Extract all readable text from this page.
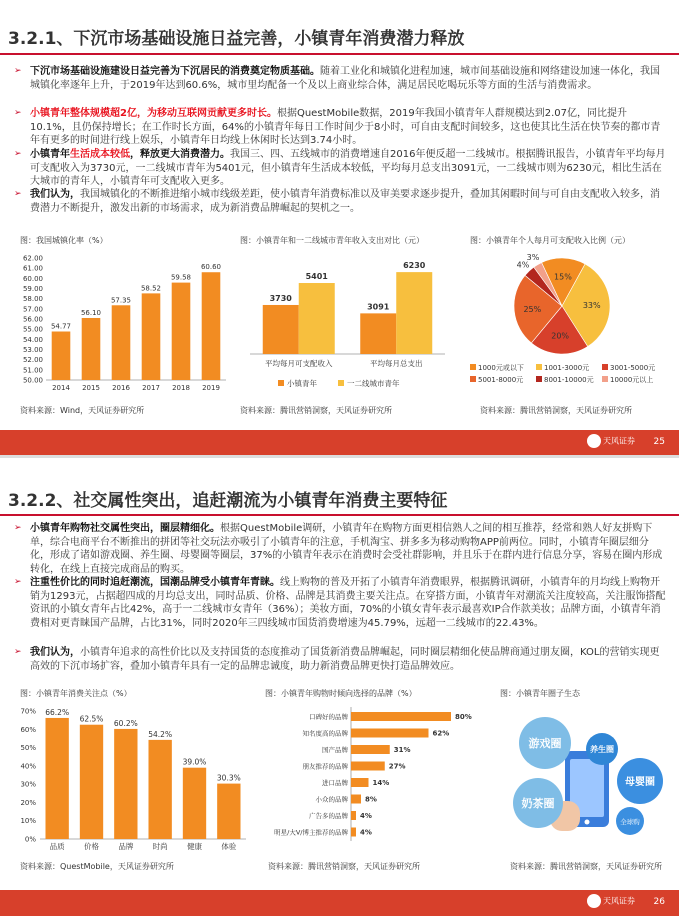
3.2.1、下沉市场基础设施日益完善，小镇青年消费潜力释放
➢ 下沉市场基础设施建设日益完善为下沉居民的消费奠定物质基础。随着工业化和城镇化进程加速，城市间基础设施和网络建设加速一体化，我国城镇化率逐年上升，于2019年达到60.6%，城市里均配备一个及以上商业综合体，满足居民吃喝玩乐等方面的生活与消费需求。
➢ 小镇青年整体规模超2亿，为移动互联网贡献更多时长。根据QuestMobile数据，2019年我国小镇青年人群规模达到2.07亿，同比提升10.1%，且仍保持增长；在工作时长方面，64%的小镇青年每日工作时间少于8小时，可自由支配时间较多，这也使其比生活在快节奏的都市青年有更多的时间进行线上娱乐，小镇青年日均线上休闲时长达到3.74小时。
➢ 小镇青年生活成本较低，释放更大消费潜力。我国三、四、五线城市的消费增速自2016年便反超一二线城市。根据腾讯报告，小镇青年平均每月可支配收入为3730元，一二线城市青年为5401元，但小镇青年生活成本较低，平均每月总支出3091元，一二线城市则为6230元，相比生活在大城市的青年人，小镇青年可支配收入更多。
➢ 我们认为，我国城镇化的不断推进缩小城市线级差距，使小镇青年消费标准以及审美要求逐步提升，叠加其闲暇时间与可自由支配收入较多，消费潜力不断提升，激发出新的市场需求，成为新消费品牌崛起的契机之一。
图：我国城镇化率（%）
50.00
51.00
52.00
53.00
54.00
55.00
56.00
57.00
58.00
59.00
60.00
61.00
62.00
54.77
2014
56.10
2015
57.35
2016
58.52
2017
59.58
2018
60.60
2019
图：小镇青年和一二线城市青年收入支出对比（元）
3730
5401
平均每月可支配收入
3091
6230
平均每月总支出
小镇青年	一二线城市青年
图：小镇青年个人每月可支配收入比例（元）
15%
33%
20%
25%
4%
3%
1000元或以下	1001-3000元	3001-5000元
5001-8000元	8001-10000元 10000元以上
资料来源：Wind，天风证券研究所	资料来源：腾讯营销洞察，天风证券研究所	资料来源：腾讯营销洞察，天风证券研究所
天风证券 25
3.2.2、社交属性突出，追赶潮流为小镇青年消费主要特征
➢ 小镇青年购物社交属性突出，圈层精细化。根据QuestMobile调研，小镇青年在购物方面更相信熟人之间的相互推荐，经常和熟人好友拼购下单，综合电商平台不断推出的拼团等社交玩法亦吸引了小镇青年的注意，手机淘宝、拼多多为移动购物APP前两位。同时，小镇青年圈层细分化，形成了诸如游戏圈、养生圈、母婴圈等圈层，37%的小镇青年表示在消费时会受社群影响，并且乐于在群内进行信息分享，容易在圈内形成转化，在线上直接完成商品的购买。
➢ 注重性价比的同时追赶潮流，国潮品牌受小镇青年青睐。线上购物的普及开拓了小镇青年消费眼界，根据腾讯调研，小镇青年的月均线上购物开销为1293元，占据超四成的月均总支出，同时品质、价格、品牌是其消费主要关注点。在穿搭方面，小镇青年对潮流关注度较高，关注服饰搭配资讯的小镇女青年占比42%，高于一二线城市女青年（36%）；美妆方面，70%的小镇女青年表示最喜欢IP合作款美妆；品牌方面，小镇青年消费相对更青睐国产品牌，占比31%，同时2020年三四线城市国货消费增速为45.79%，远超一二线城市的22.43%。
➢ 我们认为，小镇青年追求的高性价比以及支持国货的态度推动了国货新消费品牌崛起，同时圈层精细化使品牌商通过朋友圈，KOL的营销实现更高效的下沉市场扩容，叠加小镇青年具有一定的品牌忠诚度，助力新消费品牌更快打造品牌效应。
图：小镇青年消费关注点（%）
0%
10%
20%
30%
40%
50%
60%
70% 66.2%
品质
62.5%
价格
60.2%
品牌
54.2%
时尚
39.0%
健康
30.3%
体验
图：小镇青年购物时倾向选择的品牌（%）
口碑好的品牌	80%
知名度高的品牌	62%
国产品牌	31%
朋友推荐的品牌	27%
进口品牌	14%
小众的品牌 8%
广告多的品牌 4%
明星/大V/博主推荐的品牌 4%
图：小镇青年圈子生态
游戏圈	养生圈
母婴圈
奶茶圈
全球购
资料来源：QuestMobile，天风证券研究所	资料来源：腾讯营销洞察，天风证券研究所	资料来源：腾讯营销洞察，天风证券研究所
天风证券 26
